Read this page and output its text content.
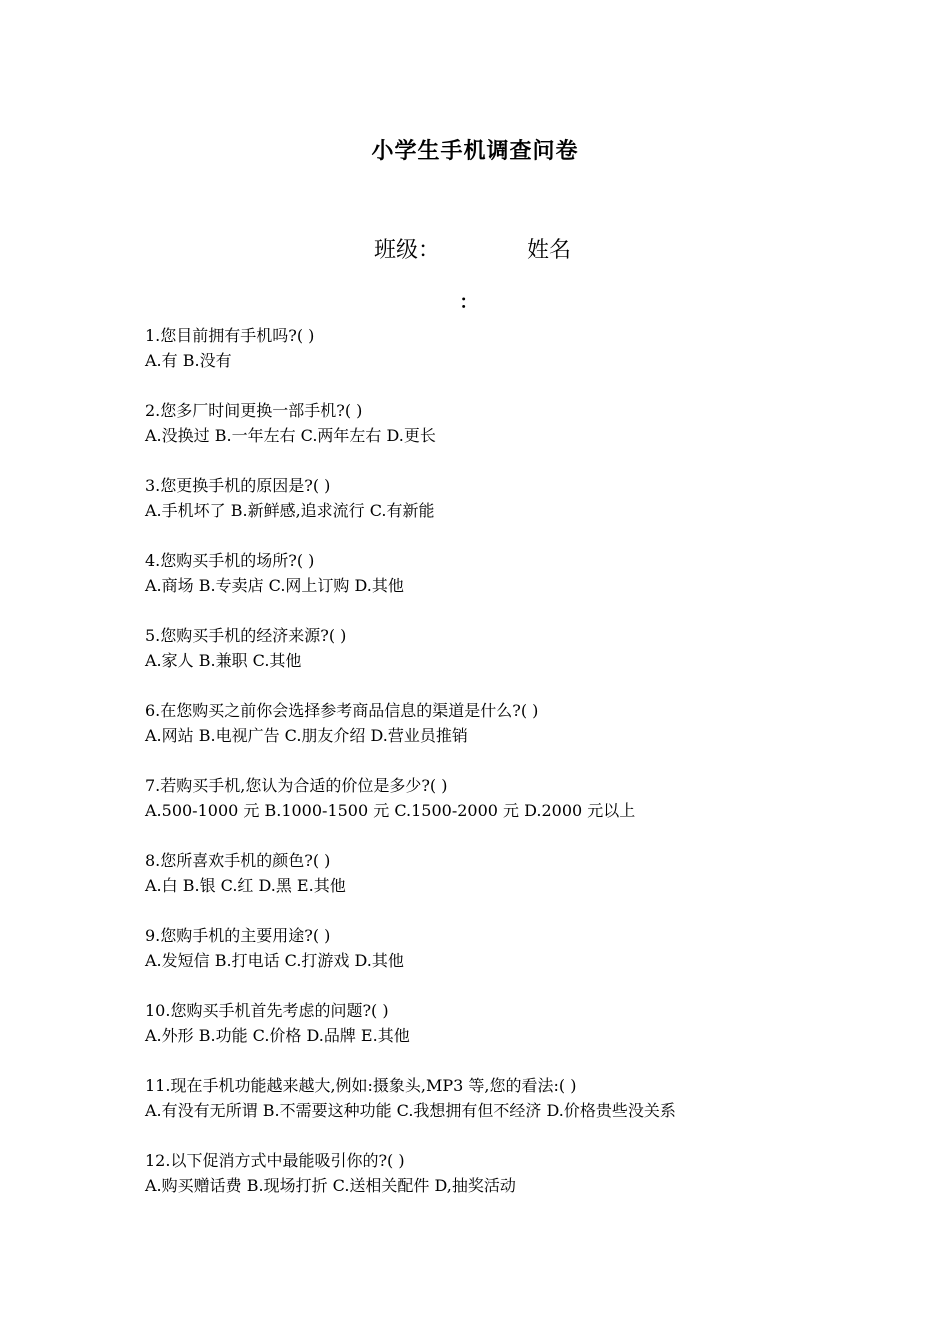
小学生手机调查问卷
班级：	姓名
：
1.您目前拥有手机吗?( )
A.有 B.没有
2.您多厂时间更换一部手机?( )
A.没换过 B.一年左右 C.两年左右 D.更长
3.您更换手机的原因是?( )
A.手机坏了 B.新鲜感,追求流行 C.有新能
4.您购买手机的场所?( )
A.商场 B.专卖店 C.网上订购 D.其他
5.您购买手机的经济来源?( )
A.家人 B.兼职 C.其他
6.在您购买之前你会选择参考商品信息的渠道是什么?( )
A.网站 B.电视广告 C.朋友介绍 D.营业员推销
7.若购买手机,您认为合适的价位是多少?( )
A.500-1000 元 B.1000-1500 元 C.1500-2000 元 D.2000 元以上
8.您所喜欢手机的颜色?( )
A.白 B.银 C.红 D.黑 E.其他
9.您购手机的主要用途?( )
A.发短信 B.打电话 C.打游戏 D.其他
10.您购买手机首先考虑的问题?( )
A.外形 B.功能 C.价格 D.品牌 E.其他
11.现在手机功能越来越大,例如:摄象头,MP3 等,您的看法:( )
A.有没有无所谓 B.不需要这种功能 C.我想拥有但不经济 D.价格贵些没关系
12.以下促消方式中最能吸引你的?( )
A.购买赠话费 B.现场打折 C.送相关配件 D,抽奖活动
